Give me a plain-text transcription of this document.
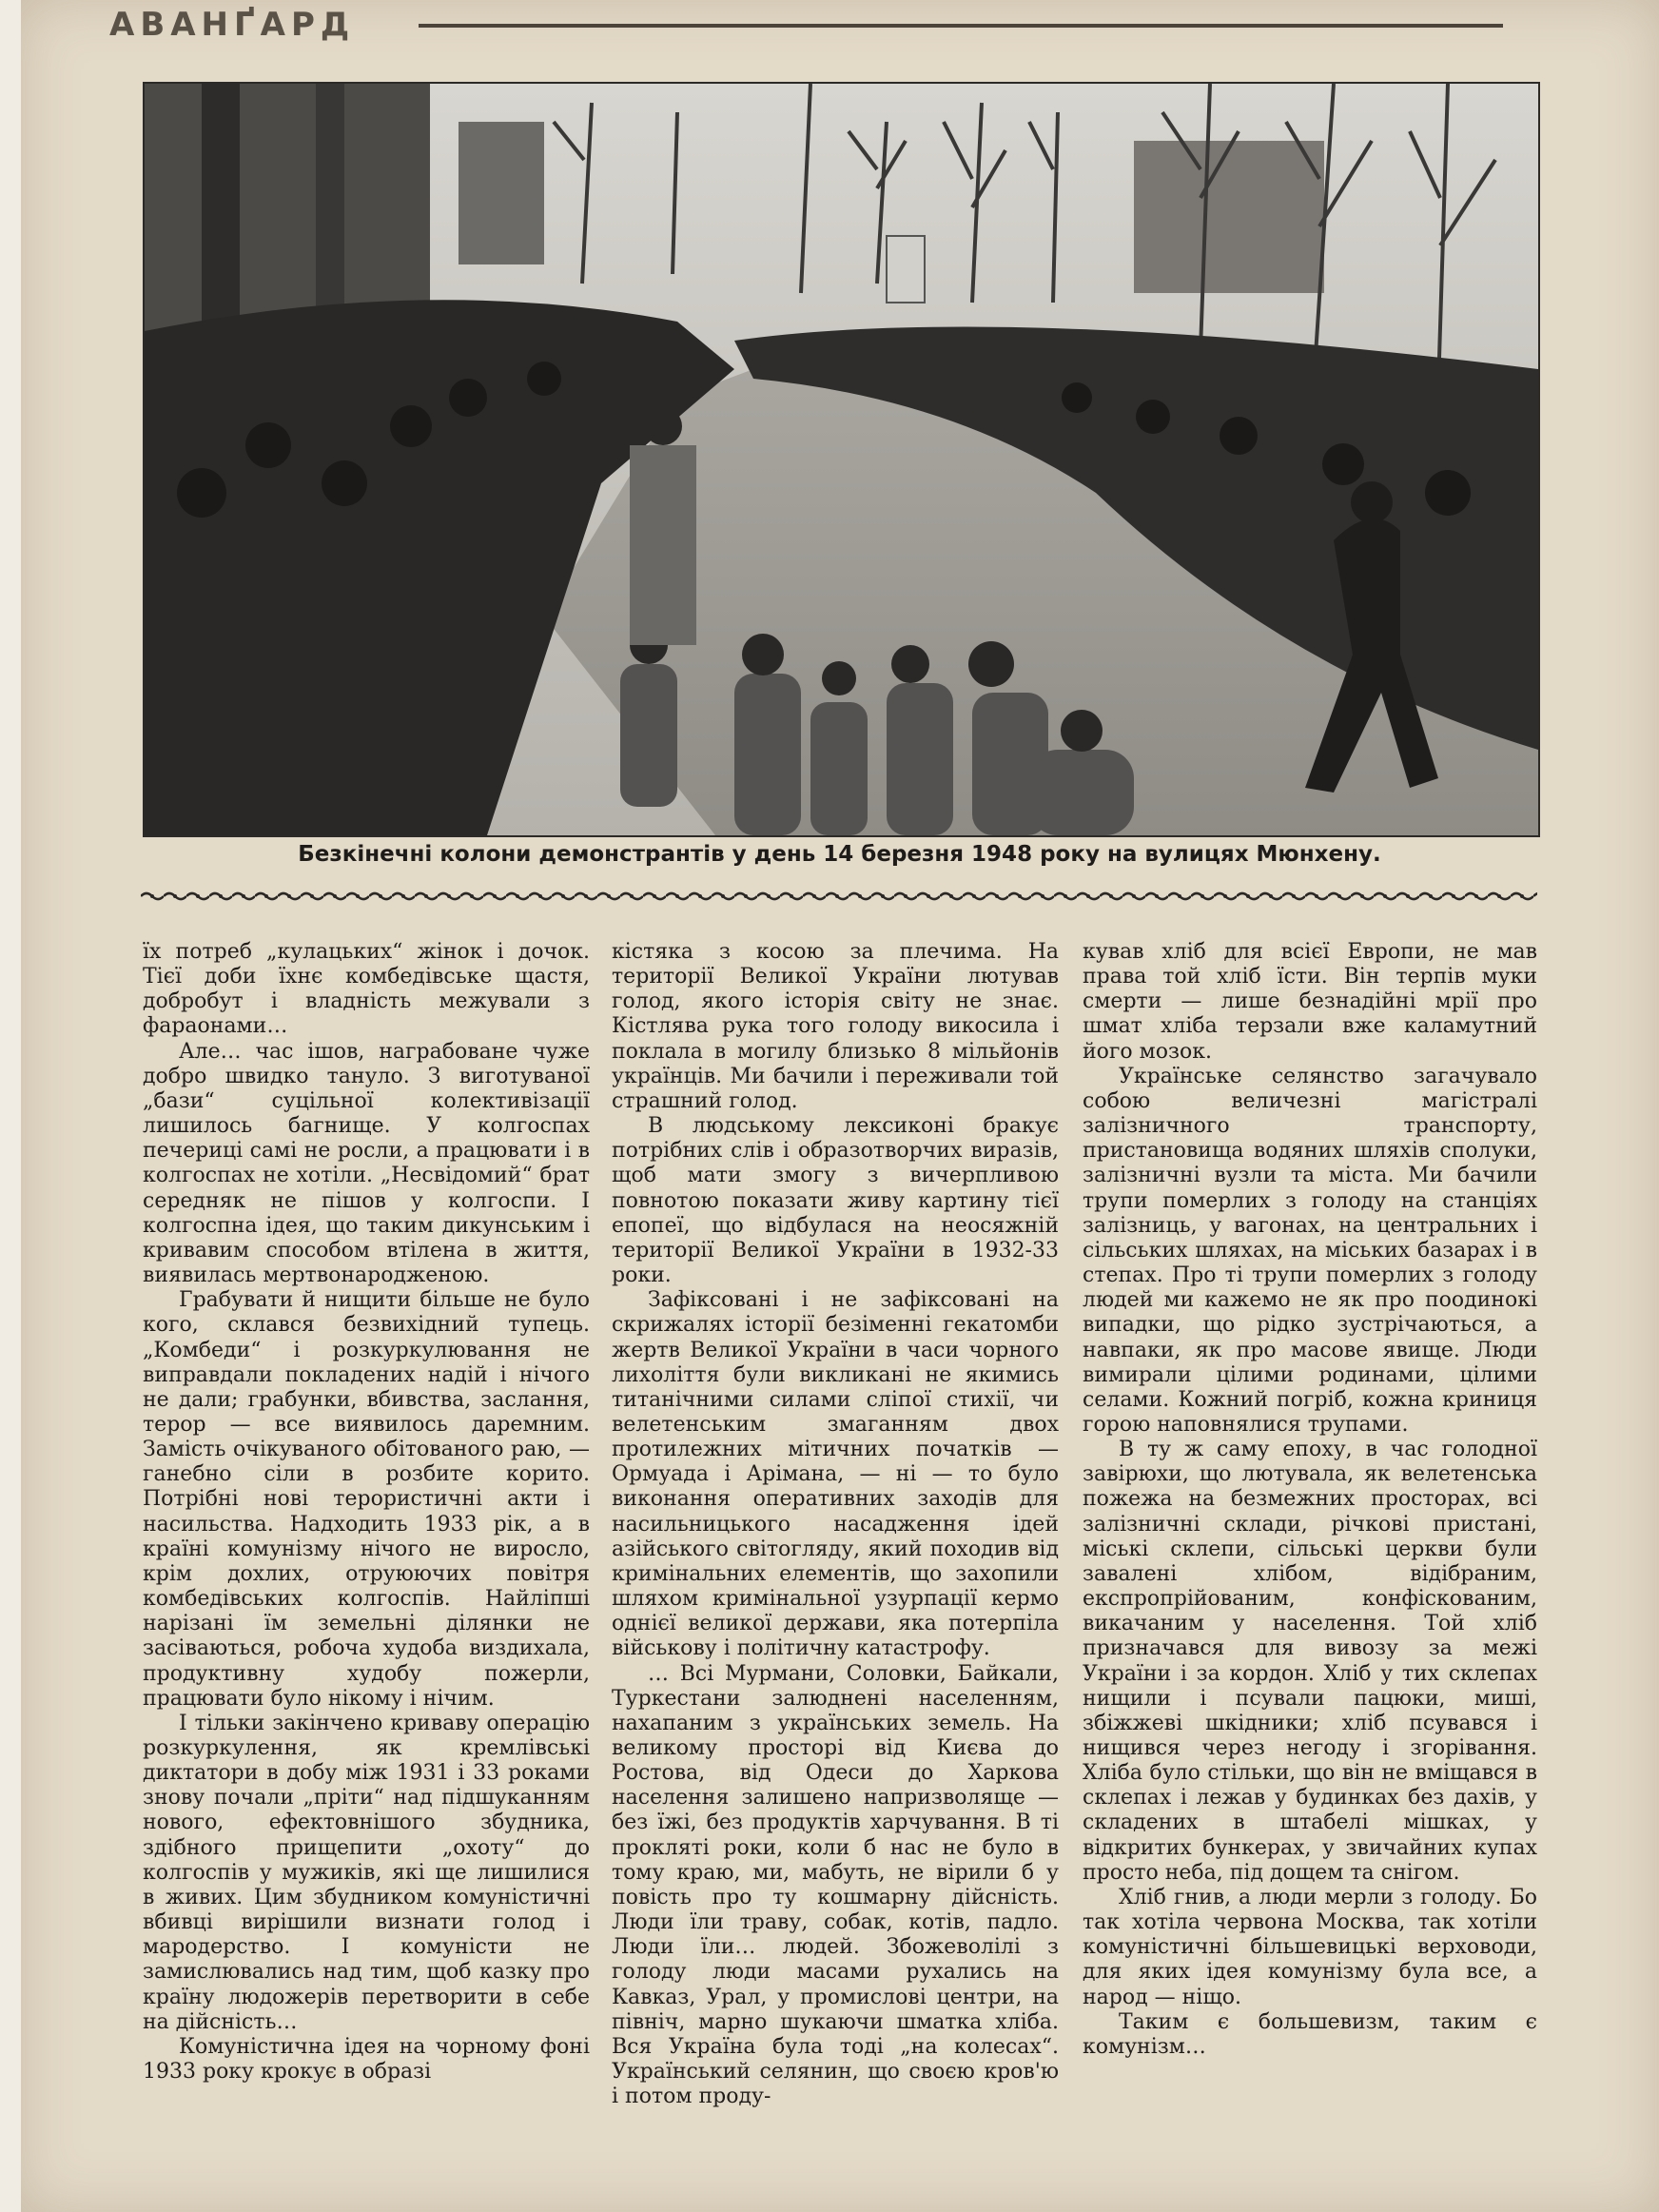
АВАНҐАРД
Безкінечні колони демонстрантів у день 14 березня 1948 року на вулицях Мюнхену.

їх потреб „кулацьких“ жінок і дочок. Тієї доби їхнє комбедівське щастя, добробут і владність межували з фараонами…

Але… час ішов, награбоване чуже добро швидко тануло. З виготуваної „бази“ суцільної колективізації лишилось багнище. У колгоспах печериці самі не росли, а працювати і в колгоспах не хотіли. „Несвідомий“ брат середняк не пішов у колгоспи. І колгоспна ідея, що таким дикунським і кривавим способом втілена в життя, виявилась мертвонародженою.

Грабувати й нищити більше не було кого, склався безвихідний тупець. „Комбеди“ і розкуркулювання не виправдали покладених надій і нічого не дали; грабунки, вбивства, заслання, терор — все виявилось даремним. Замість очікуваного обітованого раю, — ганебно сіли в розбите корито. Потрібні нові терористичні акти і насильства. Надходить 1933 рік, а в країні комунізму нічого не виросло, крім дохлих, отруюючих повітря комбедівських колгоспів. Найліпші нарізані їм земельні ділянки не засіваються, робоча худоба виздихала, продуктивну худобу пожерли, працювати було нікому і нічим.

І тільки закінчено криваву операцію розкуркулення, як кремлівські диктатори в добу між 1931 і 33 роками знову почали „пріти“ над підшуканням нового, ефектовнішого збудника, здібного прищепити „охоту“ до колгоспів у мужиків, які ще лишилися в живих. Цим збудником комуністичні вбивці вирішили визнати голод і мародерство. І комуністи не замислювались над тим, щоб казку про країну людожерів перетворити в себе на дійсність…

Комуністична ідея на чорному фоні 1933 року крокує в образі

кістяка з косою за плечима. На території Великої України лютував голод, якого історія світу не знає. Кістлява рука того голоду викосила і поклала в могилу близько 8 мільйонів українців. Ми бачили і переживали той страшний голод.

В людському лексиконі бракує потрібних слів і образотворчих виразів, щоб мати змогу з вичерпливою повнотою показати живу картину тієї епопеї, що відбулася на неосяжній території Великої України в 1932-33 роки.

Зафіксовані і не зафіксовані на скрижалях історії безіменні гекатомби жертв Великої України в часи чорного лихоліття були викликані не якимись титанічними силами сліпої стихії, чи велетенським змаганням двох протилежних мітичних початків — Ормуада і Арімана, — ні — то було виконання оперативних заходів для насильницького насадження ідей азійського світогляду, який походив від кримінальних елементів, що захопили шляхом кримінальної узурпації кермо однієї великої держави, яка потерпіла військову і політичну катастрофу.

… Всі Мурмани, Соловки, Байкали, Туркестани залюднені населенням, нахапаним з українських земель. На великому просторі від Києва до Ростова, від Одеси до Харкова населення залишено напризволяще — без їжі, без продуктів харчування. В ті прокляті роки, коли б нас не було в тому краю, ми, мабуть, не вірили б у повість про ту кошмарну дійсність. Люди їли траву, собак, котів, падло. Люди їли… людей. Збожеволілі з голоду люди масами рухались на Кавказ, Урал, у промислові центри, на північ, марно шукаючи шматка хліба. Вся Україна була тоді „на колесах“. Український селянин, що своєю кров'ю і потом проду-

кував хліб для всієї Европи, не мав права той хліб їсти. Він терпів муки смерти — лише безнадійні мрії про шмат хліба терзали вже каламутний його мозок.

Українське селянство загачувало собою величезні магістралі залізничного транспорту, пристановища водяних шляхів сполуки, залізничні вузли та міста. Ми бачили трупи померлих з голоду на станціях залізниць, у вагонах, на центральних і сільських шляхах, на міських базарах і в степах. Про ті трупи померлих з голоду людей ми кажемо не як про поодинокі випадки, що рідко зустрічаються, а навпаки, як про масове явище. Люди вимирали цілими родинами, цілими селами. Кожний погріб, кожна криниця горою наповнялися трупами.

В ту ж саму епоху, в час голодної завірюхи, що лютувала, як велетенська пожежа на безмежних просторах, всі залізничні склади, річкові пристані, міські склепи, сільські церкви були завалені хлібом, відібраним, експропрійованим, конфіскованим, викачаним у населення. Той хліб призначався для вивозу за межі України і за кордон. Хліб у тих склепах нищили і псували пацюки, миші, збіжжеві шкідники; хліб псувався і нищився через негоду і згорівання. Хліба було стільки, що він не вміщався в склепах і лежав у будинках без дахів, у складених в штабелі мішках, у відкритих бункерах, у звичайних купах просто неба, під дощем та снігом.

Хліб гнив, а люди мерли з голоду. Бо так хотіла червона Москва, так хотіли комуністичні більшевицькі верховоди, для яких ідея комунізму була все, а народ — ніщо.

Таким є большевизм, таким є комунізм…
